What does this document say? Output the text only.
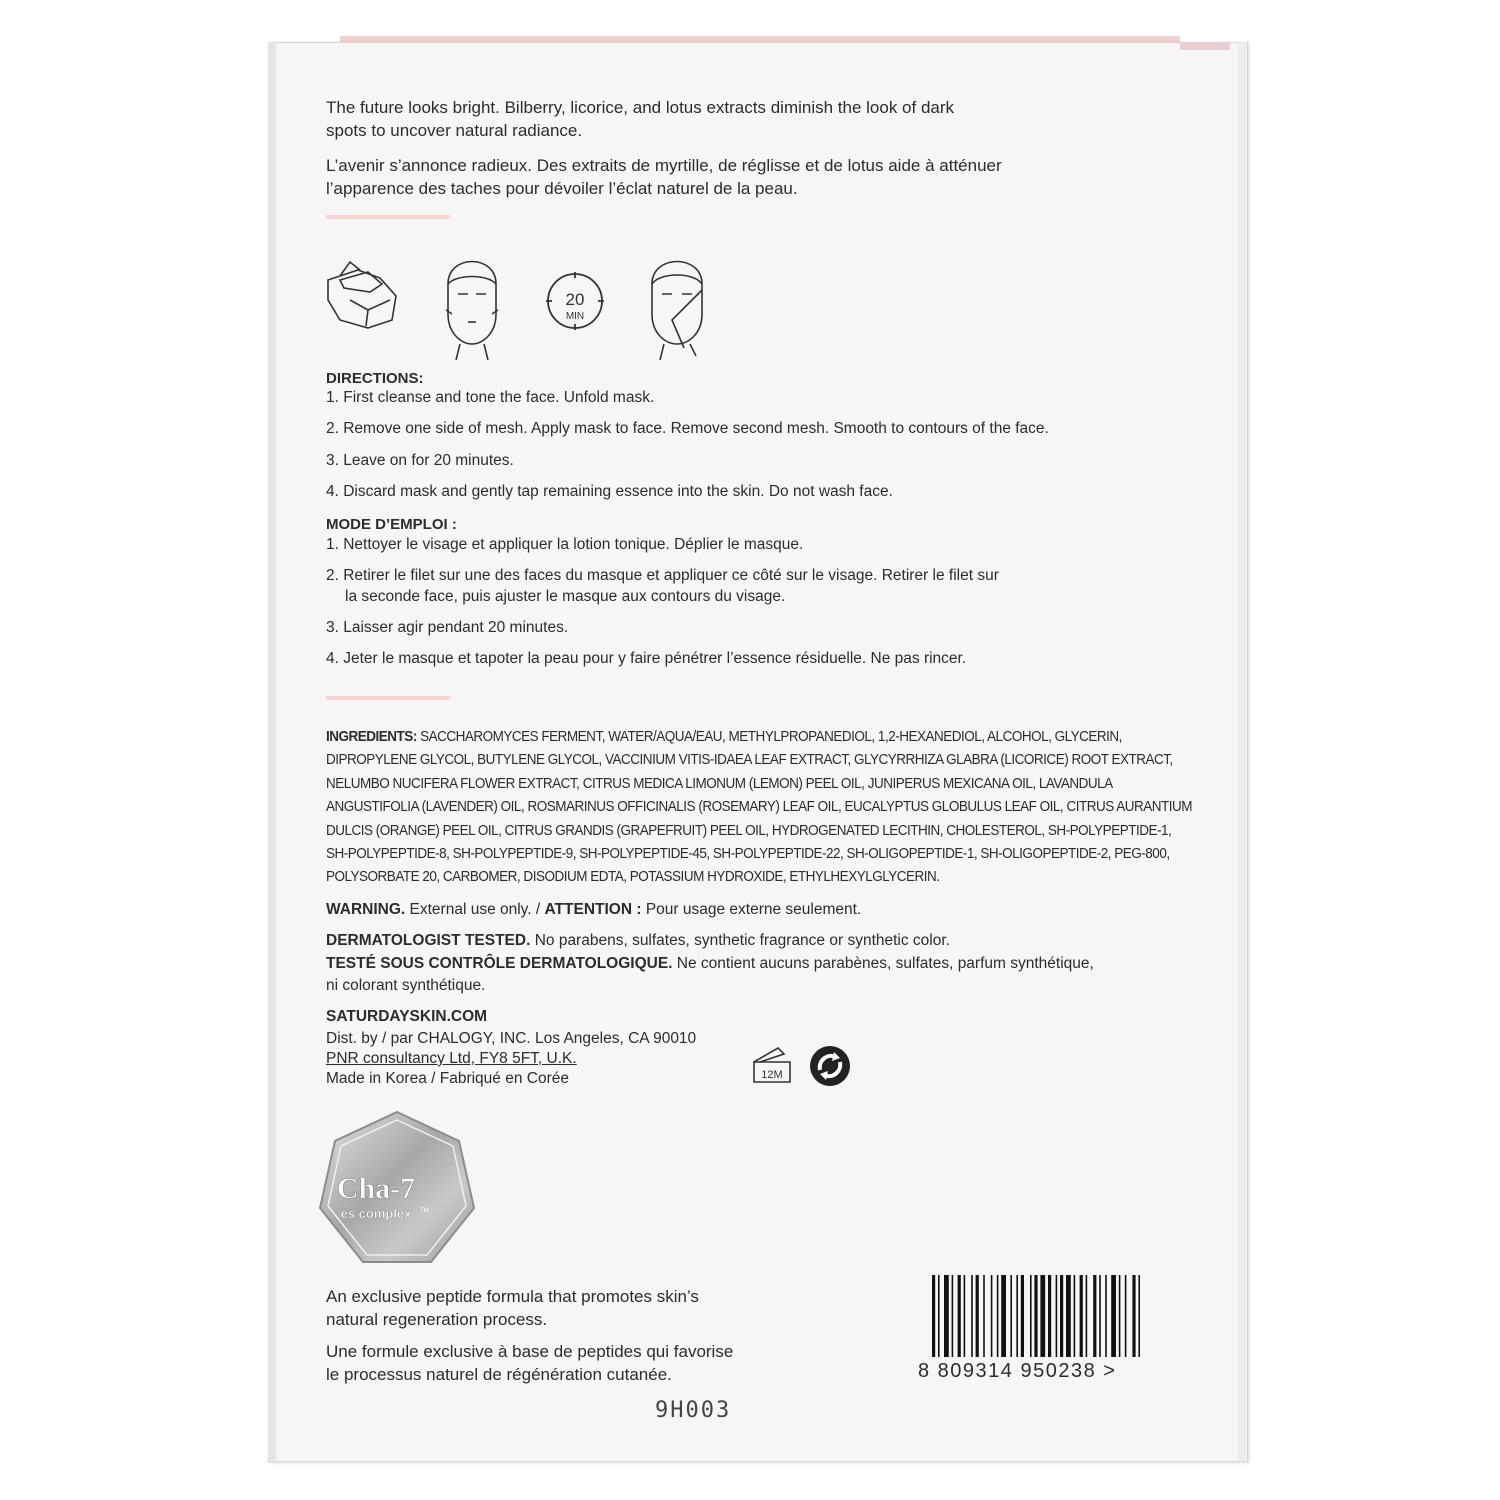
The future looks bright. Bilberry, licorice, and lotus extracts diminish the look of dark
spots to uncover natural radiance.
L’avenir s’annonce radieux. Des extraits de myrtille, de réglisse et de lotus aide à atténuer
l’apparence des taches pour dévoiler l’éclat naturel de la peau.
20
MIN
DIRECTIONS:
1. First cleanse and tone the face. Unfold mask.
2. Remove one side of mesh. Apply mask to face. Remove second mesh. Smooth to contours of the face.
3. Leave on for 20 minutes.
4. Discard mask and gently tap remaining essence into the skin. Do not wash face.
MODE D’EMPLOI :
1. Nettoyer le visage et appliquer la lotion tonique. Déplier le masque.
2. Retirer le filet sur une des faces du masque et appliquer ce côté sur le visage. Retirer le filet sur
la seconde face, puis ajuster le masque aux contours du visage.
3. Laisser agir pendant 20 minutes.
4. Jeter le masque et tapoter la peau pour y faire pénétrer l’essence résiduelle. Ne pas rincer.
INGREDIENTS: SACCHAROMYCES FERMENT, WATER/AQUA/EAU, METHYLPROPANEDIOL, 1,2-HEXANEDIOL, ALCOHOL, GLYCERIN,
DIPROPYLENE GLYCOL, BUTYLENE GLYCOL, VACCINIUM VITIS-IDAEA LEAF EXTRACT, GLYCYRRHIZA GLABRA (LICORICE) ROOT EXTRACT,
NELUMBO NUCIFERA FLOWER EXTRACT, CITRUS MEDICA LIMONUM (LEMON) PEEL OIL, JUNIPERUS MEXICANA OIL, LAVANDULA
ANGUSTIFOLIA (LAVENDER) OIL, ROSMARINUS OFFICINALIS (ROSEMARY) LEAF OIL, EUCALYPTUS GLOBULUS LEAF OIL, CITRUS AURANTIUM
DULCIS (ORANGE) PEEL OIL, CITRUS GRANDIS (GRAPEFRUIT) PEEL OIL, HYDROGENATED LECITHIN, CHOLESTEROL, SH-POLYPEPTIDE-1,
SH-POLYPEPTIDE-8, SH-POLYPEPTIDE-9, SH-POLYPEPTIDE-45, SH-POLYPEPTIDE-22, SH-OLIGOPEPTIDE-1, SH-OLIGOPEPTIDE-2, PEG-800,
POLYSORBATE 20, CARBOMER, DISODIUM EDTA, POTASSIUM HYDROXIDE, ETHYLHEXYLGLYCERIN.
WARNING. External use only. / ATTENTION : Pour usage externe seulement.
DERMATOLOGIST TESTED. No parabens, sulfates, synthetic fragrance or synthetic color.
TESTÉ SOUS CONTRÔLE DERMATOLOGIQUE. Ne contient aucuns parabènes, sulfates, parfum synthétique,
ni colorant synthétique.
SATURDAYSKIN.COM
Dist. by / par CHALOGY, INC. Los Angeles, CA 90010
PNR consultancy Ltd, FY8 5FT, U.K.
Made in Korea / Fabriqué en Corée	12M
Cha-7
es complex TM
An exclusive peptide formula that promotes skin’s
natural regeneration process.
Une formule exclusive à base de peptides qui favorise
le processus naturel de régénération cutanée.	8 809314 950238 >
9H003
